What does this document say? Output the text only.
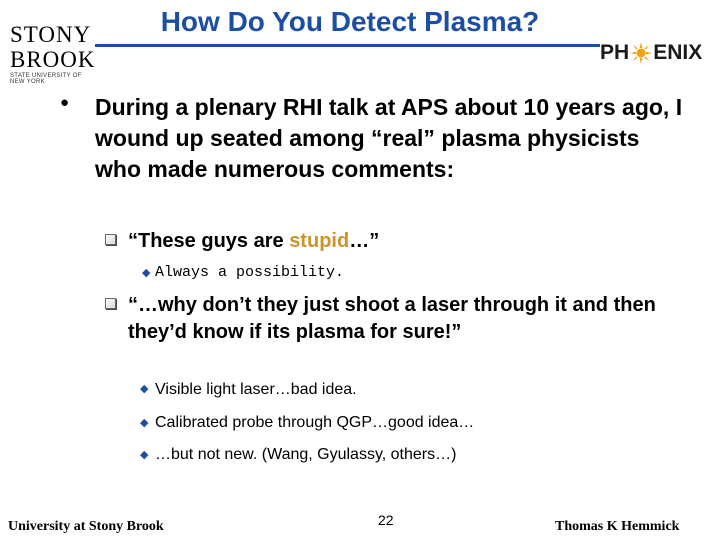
STONY
BROOK
STATE UNIVERSITY OF NEW YORK
How Do You Detect Plasma?
PH ENIX
● During a plenary RHI talk at APS about 10 years ago, I wound up seated among “real” plasma physicists who made numerous comments:
“These guys are stupid…”
◆ Always a possibility.
“…why don’t they just shoot a laser through it and then they’d know if its plasma for sure!”
◆ Visible light laser…bad idea.
◆ Calibrated probe through QGP…good idea…
◆ …but not new. (Wang, Gyulassy, others…)
University at Stony Brook	22	Thomas K Hemmick
